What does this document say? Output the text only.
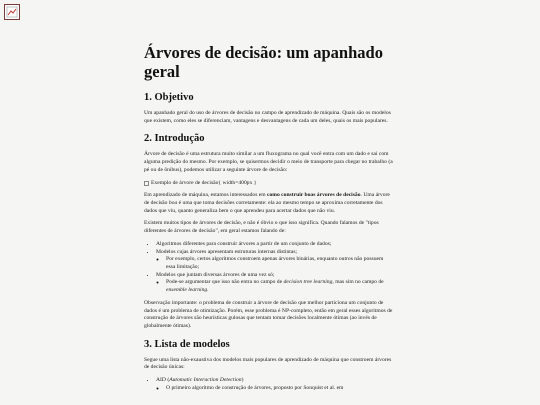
Árvores de decisão: um apanhado geral
1. Objetivo

Um apanhado geral do uso de árvores de decisão no campo de aprendizado de máquina. Quais são os modelos que existem, como eles se diferenciam, vantagens e desvantagens de cada um deles, quais os mais populares.

2. Introdução

Árvore de decisão é uma estrutura muito similar a um fluxograma no qual você entra com um dado e sai com alguma predição do mesmo. Por exemplo, se quisermos decidir o meio de transporte para chegar no trabalho (a pé ou de ônibus), podemos utilizar a seguinte árvore de decisão:

Exemplo de árvore de decisão{ width=400px }

Em aprendizado de máquina, estamos interessados em como construir boas árvores de decisão. Uma árvore de decisão boa é uma que toma decisões corretamente: ela ao mesmo tempo se aproxima corretamente dos dados que viu, quanto generaliza bem o que aprendeu para acertar dados que não viu.

Existem muitos tipos de árvores de decisão, e não é óbvio o que isso significa. Quando falamos de "tipos diferentes de árvores de decisão", em geral estamos falando de:

• Algoritmos diferentes para construir árvores a partir de um conjunto de dados;
• Modelos cujas árvores apresentam estruturas internas distintas;
◦ Por exemplo, certos algoritmos constroem apenas árvores binárias, enquanto outros não possuem essa limitação;
• Modelos que juntam diversas árvores de uma vez só;
◦ Pode-se argumentar que isso não entra no campo de decision tree learning, mas sim no campo de ensemble learning.

Observação importante: o problema de construir a árvore de decisão que melhor particiona um conjunto de dados é um problema de otimização. Porém, esse problema é NP-completo, então em geral esses algoritmos de construção de árvores são heurísticas gulosas que tentam tomar decisões localmente ótimas (ao invés de globalmente ótimas).

3. Lista de modelos

Segue uma lista não-exaustiva dos modelos mais populares de aprendizado de máquina que constroem árvores de decisão únicas:

• AID (Automatic Interaction Detection)
◦ O primeiro algoritmo de construção de árvores, proposto por Sonquist et al. em
